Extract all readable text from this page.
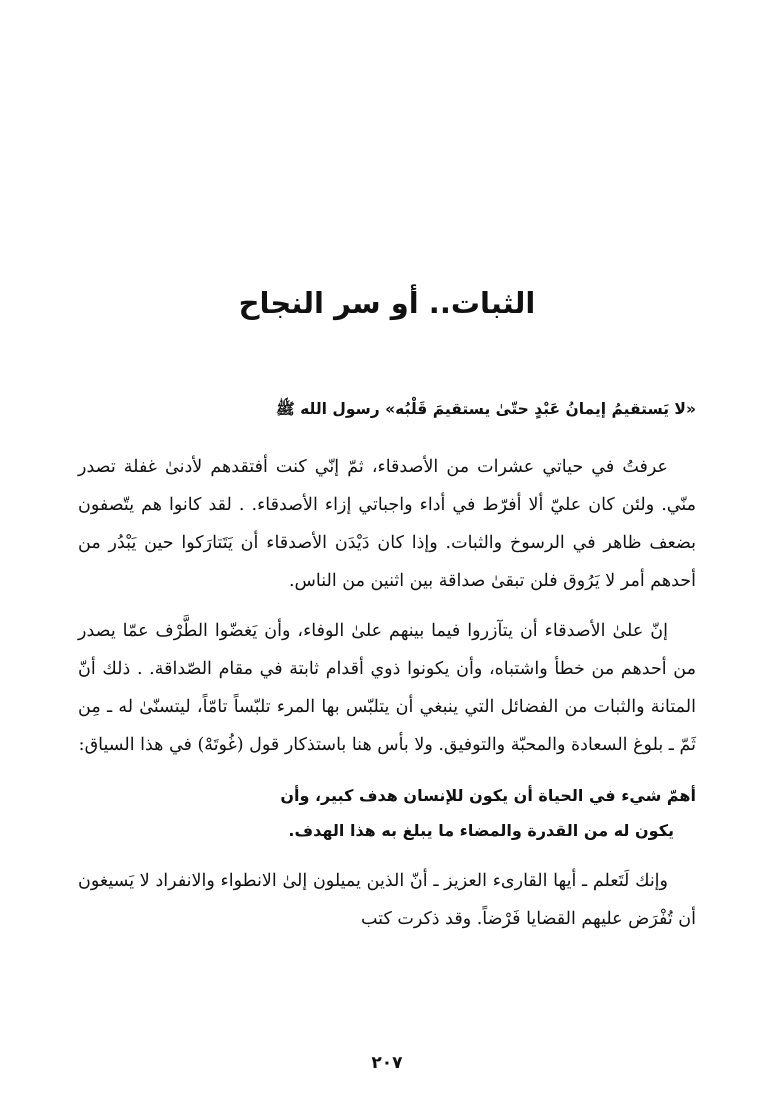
الثبات.. أو سر النجاح

«لا يَستقيمُ إيمانُ عَبْدٍ حتّىٰ يستقيمَ قَلْبُه» رسول الله ﷺ

عرفتُ في حياتي عشرات من الأصدقاء، ثمّ إنّي كنت أفتقدهم لأدنىٰ غفلة تصدر منّي. ولئن كان عليّ ألا أفرّط في أداء واجباتي إزاء الأصدقاء. . لقد كانوا هم يتّصفون بضعف ظاهر في الرسوخ والثبات. وإذا كان دَيْدَن الأصدقاء أن يَتَتارَكوا حين يَبْدُر من أحدهم أمر لا يَرُوق فلن تبقىٰ صداقة بين اثنين من الناس.

إنّ علىٰ الأصدقاء أن يتآزروا فيما بينهم علىٰ الوفاء، وأن يَغضّوا الطَّرْف عمّا يصدر من أحدهم من خطأ واشتباه، وأن يكونوا ذوي أقدام ثابتة في مقام الصّداقة. . ذلك أنّ المتانة والثبات من الفضائل التي ينبغي أن يتلبّس بها المرء تلبّساً تامّاً، ليتسنّىٰ له ـ مِن ثَمّ ـ بلوغ السعادة والمحبّة والتوفيق. ولا بأس هنا باستذكار قول (غُوتَهْ) في هذا السياق:

أهمّ شيء في الحياة أن يكون للإنسان هدف كبير، وأن
يكون له من القدرة والمضاء ما يبلغ به هذا الهدف.

وإنك لَتَعلم ـ أيها القارىء العزيز ـ أنّ الذين يميلون إلىٰ الانطواء والانفراد لا يَسيغون أن تُفْرَض عليهم القضايا فَرْضاً. وقد ذكرت كتب

٢٠٧
